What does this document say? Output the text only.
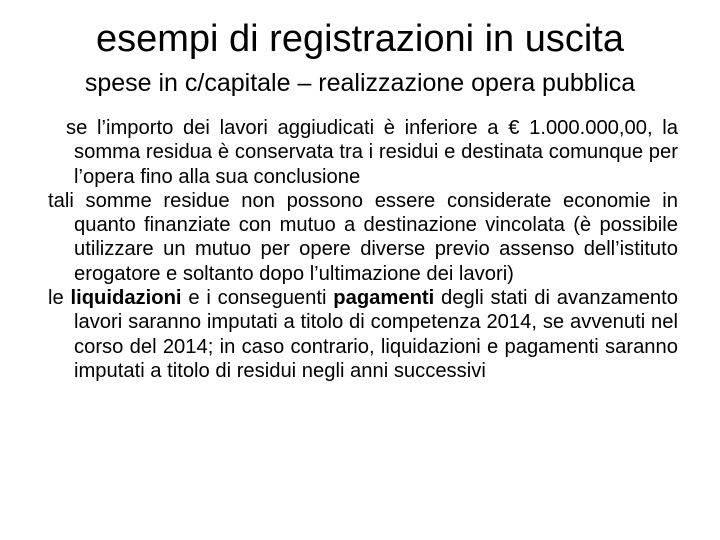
esempi di registrazioni in uscita
spese in c/capitale – realizzazione opera pubblica

se l’importo dei lavori aggiudicati è inferiore a € 1.000.000,00, la somma residua è conservata tra i residui e destinata comunque per l’opera fino alla sua conclusione

tali somme residue non possono essere considerate economie in quanto finanziate con mutuo a destinazione vincolata (è possibile utilizzare un mutuo per opere diverse previo assenso dell’istituto erogatore e soltanto dopo l’ultimazione dei lavori)

le liquidazioni e i conseguenti pagamenti degli stati di avanzamento lavori saranno imputati a titolo di competenza 2014, se avvenuti nel corso del 2014; in caso contrario, liquidazioni e pagamenti saranno imputati a titolo di residui negli anni successivi
